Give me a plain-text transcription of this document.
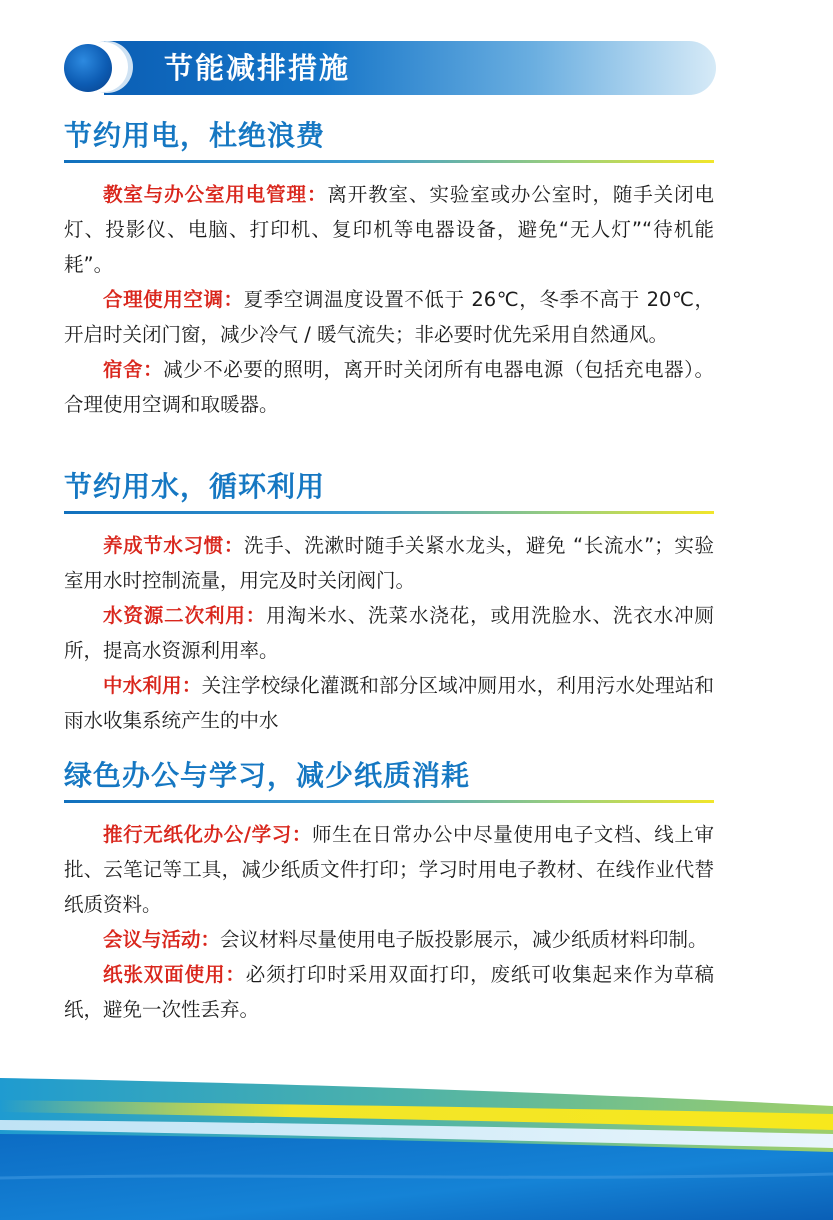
节能减排措施
节约用电，杜绝浪费

教室与办公室用电管理：离开教室、实验室或办公室时，随手关闭电灯、投影仪、电脑、打印机、复印机等电器设备，避免“无人灯”“待机能耗”。

合理使用空调：夏季空调温度设置不低于 26℃，冬季不高于 20℃，开启时关闭门窗，减少冷气 / 暖气流失；非必要时优先采用自然通风。

宿舍：减少不必要的照明，离开时关闭所有电器电源（包括充电器）。合理使用空调和取暖器。

节约用水，循环利用

养成节水习惯：洗手、洗漱时随手关紧水龙头，避免 “长流水”；实验室用水时控制流量，用完及时关闭阀门。

水资源二次利用：用淘米水、洗菜水浇花，或用洗脸水、洗衣水冲厕所，提高水资源利用率。

中水利用：关注学校绿化灌溉和部分区域冲厕用水，利用污水处理站和雨水收集系统产生的中水

绿色办公与学习，减少纸质消耗

推行无纸化办公/学习：师生在日常办公中尽量使用电子文档、线上审批、云笔记等工具，减少纸质文件打印；学习时用电子教材、在线作业代替纸质资料。

会议与活动：会议材料尽量使用电子版投影展示，减少纸质材料印制。

纸张双面使用：必须打印时采用双面打印，废纸可收集起来作为草稿纸，避免一次性丢弃。
